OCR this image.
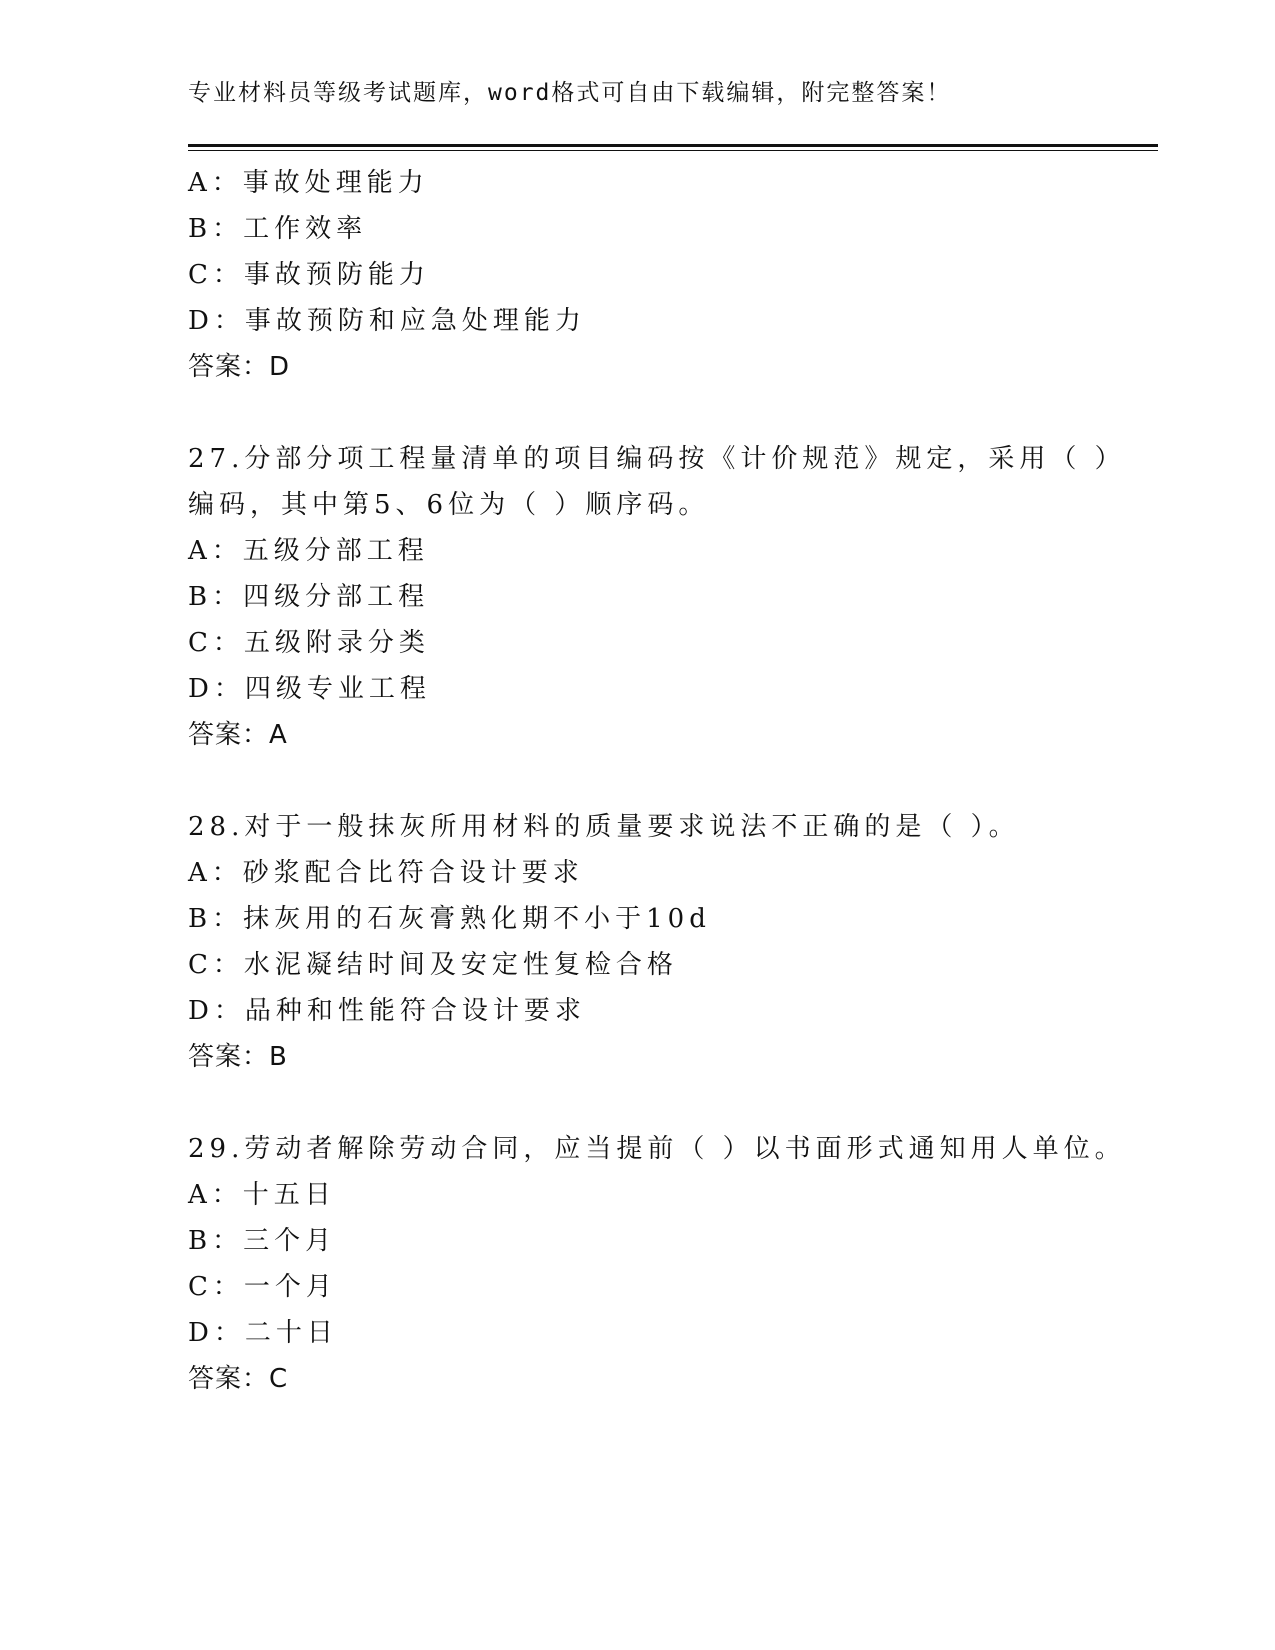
专业材料员等级考试题库，word格式可自由下载编辑，附完整答案！
A：事故处理能力
B：工作效率
C：事故预防能力
D：事故预防和应急处理能力
答案：D
27.分部分项工程量清单的项目编码按《计价规范》规定，采用（ ）
编码，其中第5、6位为（ ）顺序码。
A：五级分部工程
B：四级分部工程
C：五级附录分类
D：四级专业工程
答案：A
28.对于一般抹灰所用材料的质量要求说法不正确的是（ ）。
A：砂浆配合比符合设计要求
B：抹灰用的石灰膏熟化期不小于10d
C：水泥凝结时间及安定性复检合格
D：品种和性能符合设计要求
答案：B
29.劳动者解除劳动合同，应当提前（ ）以书面形式通知用人单位。
A：十五日
B：三个月
C：一个月
D：二十日
答案：C
